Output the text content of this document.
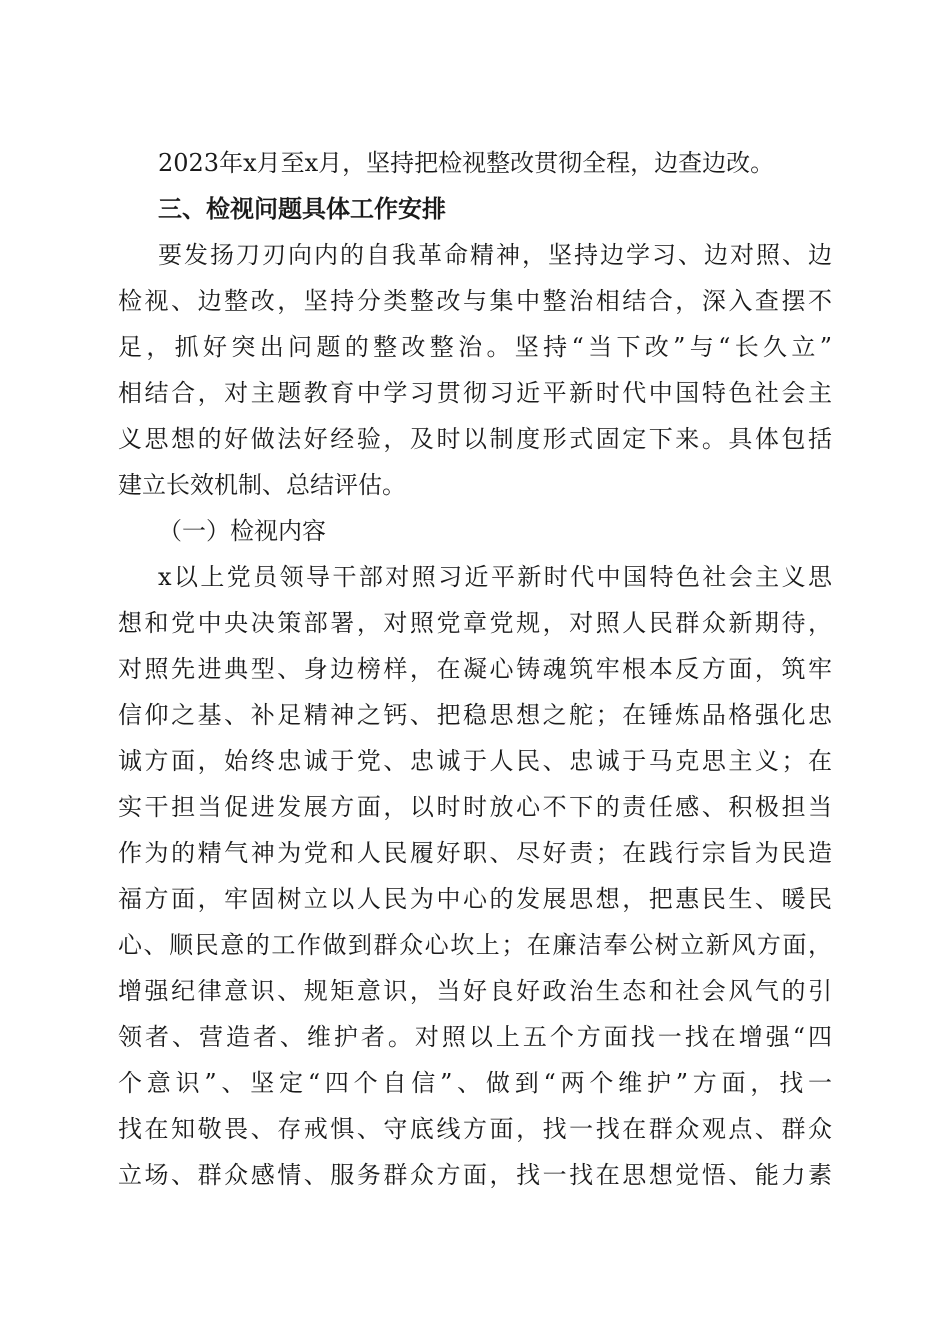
2023年x月至x月，坚持把检视整改贯彻全程，边查边改。

三、检视问题具体工作安排

要发扬刀刃向内的自我革命精神，坚持边学习、边对照、边

检视、边整改，坚持分类整改与集中整治相结合，深入查摆不

足，抓好突出问题的整改整治。坚持“当下改”与“长久立”

相结合，对主题教育中学习贯彻习近平新时代中国特色社会主

义思想的好做法好经验，及时以制度形式固定下来。具体包括

建立长效机制、总结评估。

（一）检视内容

x以上党员领导干部对照习近平新时代中国特色社会主义思

想和党中央决策部署，对照党章党规，对照人民群众新期待，

对照先进典型、身边榜样，在凝心铸魂筑牢根本反方面，筑牢

信仰之基、补足精神之钙、把稳思想之舵；在锤炼品格强化忠

诚方面，始终忠诚于党、忠诚于人民、忠诚于马克思主义；在

实干担当促进发展方面，以时时放心不下的责任感、积极担当

作为的精气神为党和人民履好职、尽好责；在践行宗旨为民造

福方面，牢固树立以人民为中心的发展思想，把惠民生、暖民

心、顺民意的工作做到群众心坎上；在廉洁奉公树立新风方面，

增强纪律意识、规矩意识，当好良好政治生态和社会风气的引

领者、营造者、维护者。对照以上五个方面找一找在增强“四

个意识”、坚定“四个自信”、做到“两个维护”方面，找一

找在知敬畏、存戒惧、守底线方面，找一找在群众观点、群众

立场、群众感情、服务群众方面，找一找在思想觉悟、能力素
